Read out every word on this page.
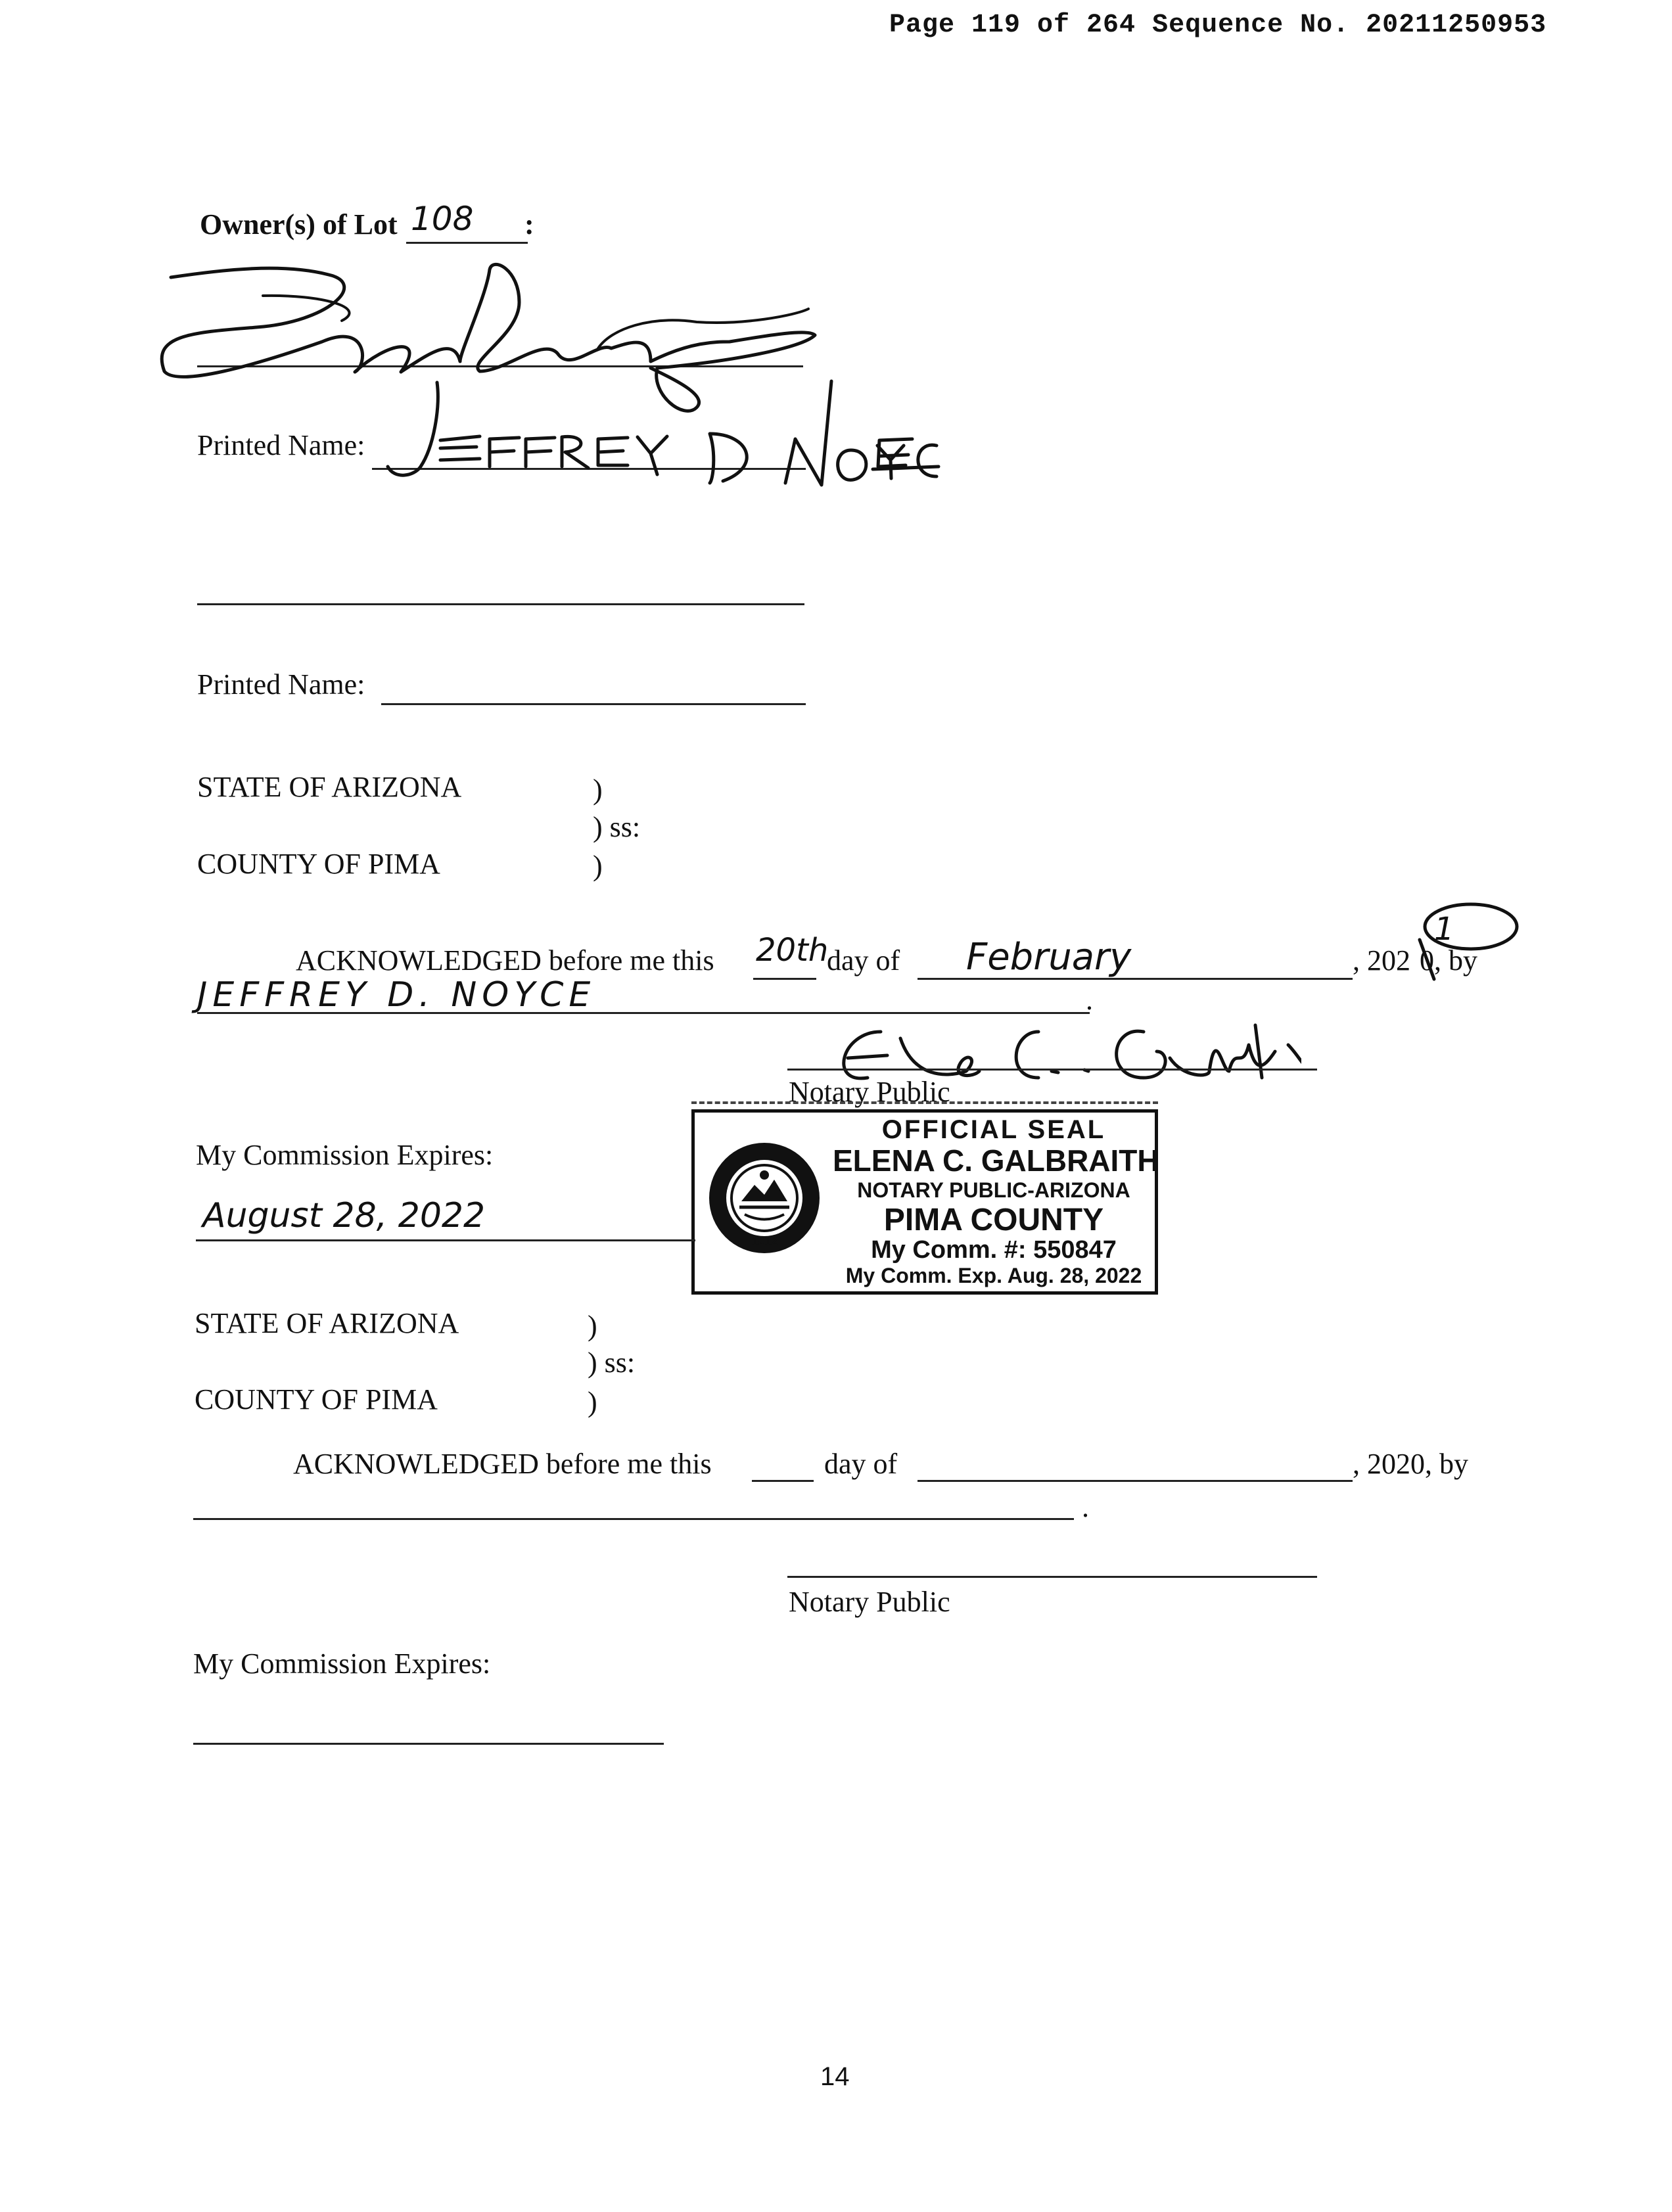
Page 119 of 264 Sequence No. 20211250953
Owner(s) of Lot 108 :
Printed Name:
Printed Name:
STATE OF ARIZONA	)
) ss:
COUNTY OF PIMA	)
ACKNOWLEDGED before me this 20th
day of February	, 202 0
1
, by
JEFFREY D. NOYCE	.
Notary Public
1912
OFFICIAL SEAL
ELENA C. GALBRAITH
NOTARY PUBLIC-ARIZONA
PIMA COUNTY
My Comm. #: 550847
My Comm. Exp. Aug. 28, 2022
My Commission Expires:
August 28, 2022
STATE OF ARIZONA	)
) ss:
COUNTY OF PIMA	)
ACKNOWLEDGED before me this	day of	, 2020, by
.
Notary Public
My Commission Expires:
14
